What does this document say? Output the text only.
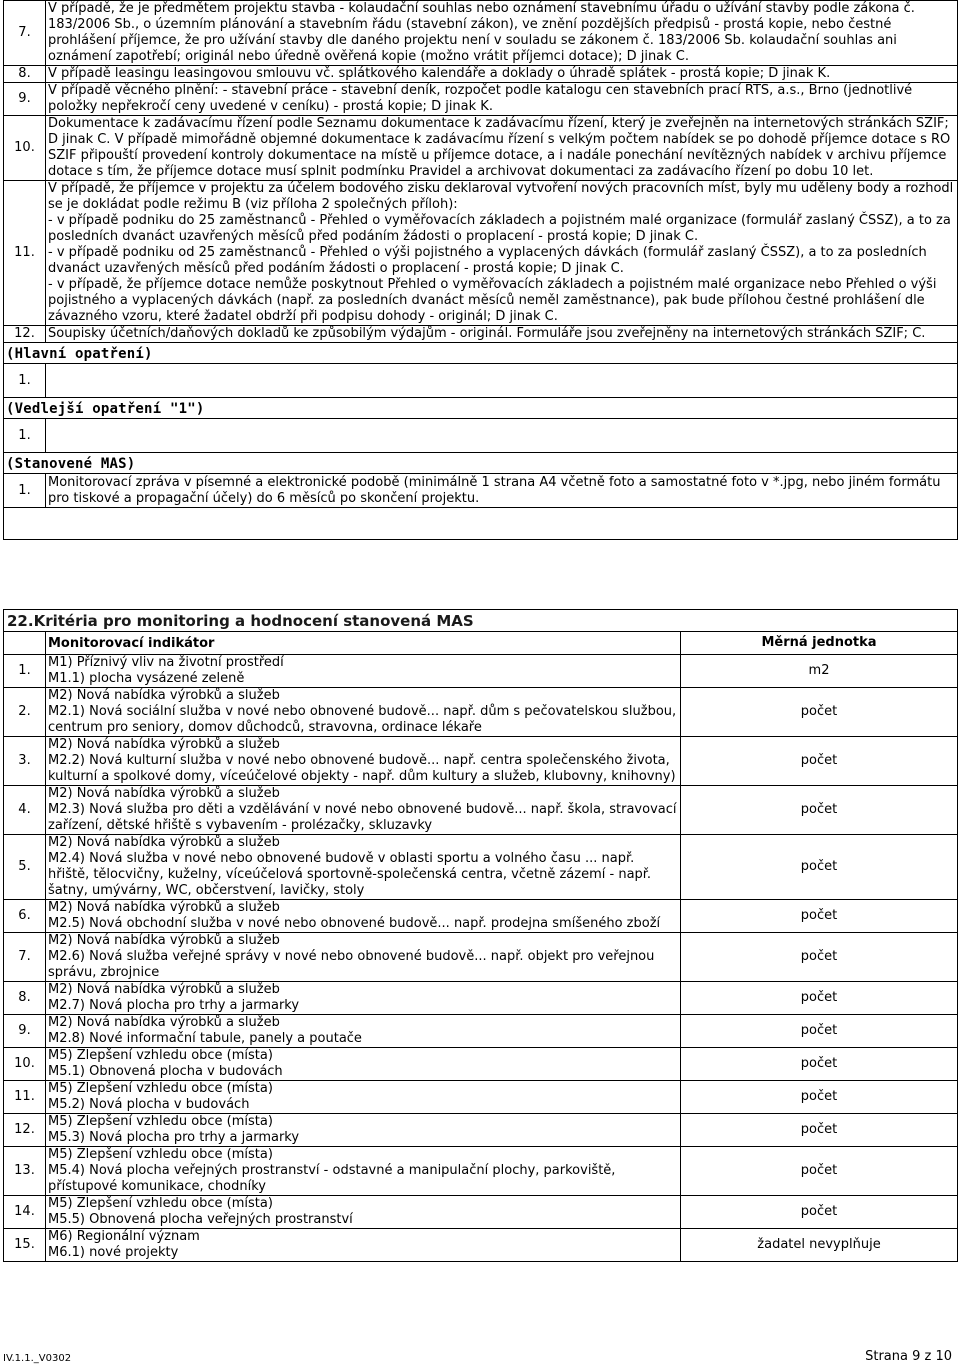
7.	V případě, že je předmětem projektu stavba - kolaudační souhlas nebo oznámení stavebnímu úřadu o užívání stavby podle zákona č. 183/2006 Sb., o územním plánování a stavebním řádu (stavební zákon), ve znění pozdějších předpisů - prostá kopie, nebo čestné prohlášení příjemce, že pro užívání stavby dle daného projektu není v souladu se zákonem č. 183/2006 Sb. kolaudační souhlas ani oznámení zapotřebí; originál nebo úředně ověřená kopie (možno vrátit příjemci dotace); D jinak C.
8.	V případě leasingu leasingovou smlouvu vč. splátkového kalendáře a doklady o úhradě splátek - prostá kopie; D jinak K.
9.	V případě věcného plnění: - stavební práce - stavební deník, rozpočet podle katalogu cen stavebních prací RTS, a.s., Brno (jednotlivé položky nepřekročí ceny uvedené v ceníku) - prostá kopie; D jinak K.
10.	Dokumentace k zadávacímu řízení podle Seznamu dokumentace k zadávacímu řízení, který je zveřejněn na internetových stránkách SZIF; D jinak C. V případě mimořádně objemné dokumentace k zadávacímu řízení s velkým počtem nabídek se po dohodě příjemce dotace s RO SZIF připouští provedení kontroly dokumentace na místě u příjemce dotace, a i nadále ponechání nevítězných nabídek v archivu příjemce dotace s tím, že příjemce dotace musí splnit podmínku Pravidel a archivovat dokumentaci za zadávacího řízení po dobu 10 let.
11.	V případě, že příjemce v projektu za účelem bodového zisku deklaroval vytvoření nových pracovních míst, byly mu uděleny body a rozhodl se je dokládat podle režimu B (viz příloha 2 společných příloh):
- v případě podniku do 25 zaměstnanců - Přehled o vyměřovacích základech a pojistném malé organizace (formulář zaslaný ČSSZ), a to za posledních dvanáct uzavřených měsíců před podáním žádosti o proplacení - prostá kopie; D jinak C.
- v případě podniku od 25 zaměstnanců - Přehled o výši pojistného a vyplacených dávkách (formulář zaslaný ČSSZ), a to za posledních dvanáct uzavřených měsíců před podáním žádosti o proplacení - prostá kopie; D jinak C.
- v případě, že příjemce dotace nemůže poskytnout Přehled o vyměřovacích základech a pojistném malé organizace nebo Přehled o výši pojistného a vyplacených dávkách (např. za posledních dvanáct měsíců neměl zaměstnance), pak bude přílohou čestné prohlášení dle závazného vzoru, které žadatel obdrží při podpisu dohody - originál; D jinak C.

12.	Soupisky účetních/daňových dokladů ke způsobilým výdajům - originál. Formuláře jsou zveřejněny na internetových stránkách SZIF; C.
(Hlavní opatření)	
1.	
(Vedlejší opatření "1")	
1.	
(Stanovené MAS)	
1.	Monitorovací zpráva v písemné a elektronické podobě (minimálně 1 strana A4 včetně foto a samostatné foto v *.jpg, nebo jiném formátu pro tiskové a propagační účely) do 6 měsíců po skončení projektu.

22.Kritéria pro monitoring a hodnocení stanovená MAS		
	Monitorovací indikátor	Měrná jednotka
1.	M1) Příznivý vliv na životní prostředí
M1.1) plocha vysázené zeleně	m2
2.	M2) Nová nabídka výrobků a služeb
M2.1) Nová sociální služba v nové nebo obnovené budově... např. dům s pečovatelskou službou, centrum pro seniory, domov důchodců, stravovna, ordinace lékaře	počet
3.	M2) Nová nabídka výrobků a služeb
M2.2) Nová kulturní služba v nové nebo obnovené budově... např. centra společenského života, kulturní a spolkové domy, víceúčelové objekty - např. dům kultury a služeb, klubovny, knihovny)	počet
4.	M2) Nová nabídka výrobků a služeb
M2.3) Nová služba pro děti a vzdělávání v nové nebo obnovené budově... např. škola, stravovací zařízení, dětské hřiště s vybavením - prolézačky, skluzavky	počet
5.	M2) Nová nabídka výrobků a služeb
M2.4) Nová služba v nové nebo obnovené budově v oblasti sportu a volného času ... např. hřiště, tělocvičny, kuželny, víceúčelová sportovně-společenská centra, včetně zázemí - např. šatny, umývárny, WC, občerstvení, lavičky, stoly	počet
6.	M2) Nová nabídka výrobků a služeb
M2.5) Nová obchodní služba v nové nebo obnovené budově... např. prodejna smíšeného zboží	počet
7.	M2) Nová nabídka výrobků a služeb
M2.6) Nová služba veřejné správy v nové nebo obnovené budově... např. objekt pro veřejnou správu, zbrojnice	počet
8.	M2) Nová nabídka výrobků a služeb
M2.7) Nová plocha pro trhy a jarmarky	počet
9.	M2) Nová nabídka výrobků a služeb
M2.8) Nové informační tabule, panely a poutače	počet
10.	M5) Zlepšení vzhledu obce (místa)
M5.1) Obnovená plocha v budovách	počet
11.	M5) Zlepšení vzhledu obce (místa)
M5.2) Nová plocha v budovách	počet
12.	M5) Zlepšení vzhledu obce (místa)
M5.3) Nová plocha pro trhy a jarmarky	počet
13.	M5) Zlepšení vzhledu obce (místa)
M5.4) Nová plocha veřejných prostranství - odstavné a manipulační plochy, parkoviště, přístupové komunikace, chodníky	počet
14.	M5) Zlepšení vzhledu obce (místa)
M5.5) Obnovená plocha veřejných prostranství	počet
15.	M6) Regionální význam
M6.1) nové projekty	žadatel nevyplňuje
IV.1.1._V0302	Strana 9 z 10
